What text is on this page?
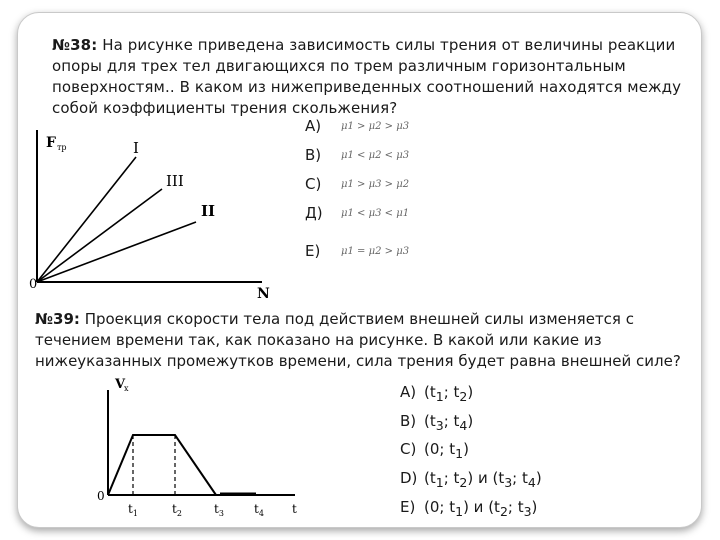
№38: На рисунке приведена зависимость силы трения от величины реакции опоры для трех тел двигающихся по трем различным горизонтальным поверхностям.. В каком из нижеприведенных соотношений находятся между собой коэффициенты трения скольжения?
F тр	I
III
II
0
N
А) μ1 > μ2 > μ3
В) μ1 < μ2 < μ3
С) μ1 > μ3 > μ2
Д) μ1 < μ3 < μ1
Е) μ1 = μ2 > μ3
№39: Проекция скорости тела под действием внешней силы изменяется с течением времени так, как показано на рисунке. В какой или какие из нижеуказанных промежутков времени, сила трения будет равна внешней силе?
V
x
0
$t_1$	$t_2$	$t_3$	$t_4$ t
A) ($t_1$; $t_2$)
B) ($t_3$; $t_4$)
C) (0; $t_1$)
D) ($t_1$; $t_2$) и ($t_3$; $t_4$)
E) (0; $t_1$) и ($t_2$; $t_3$)
